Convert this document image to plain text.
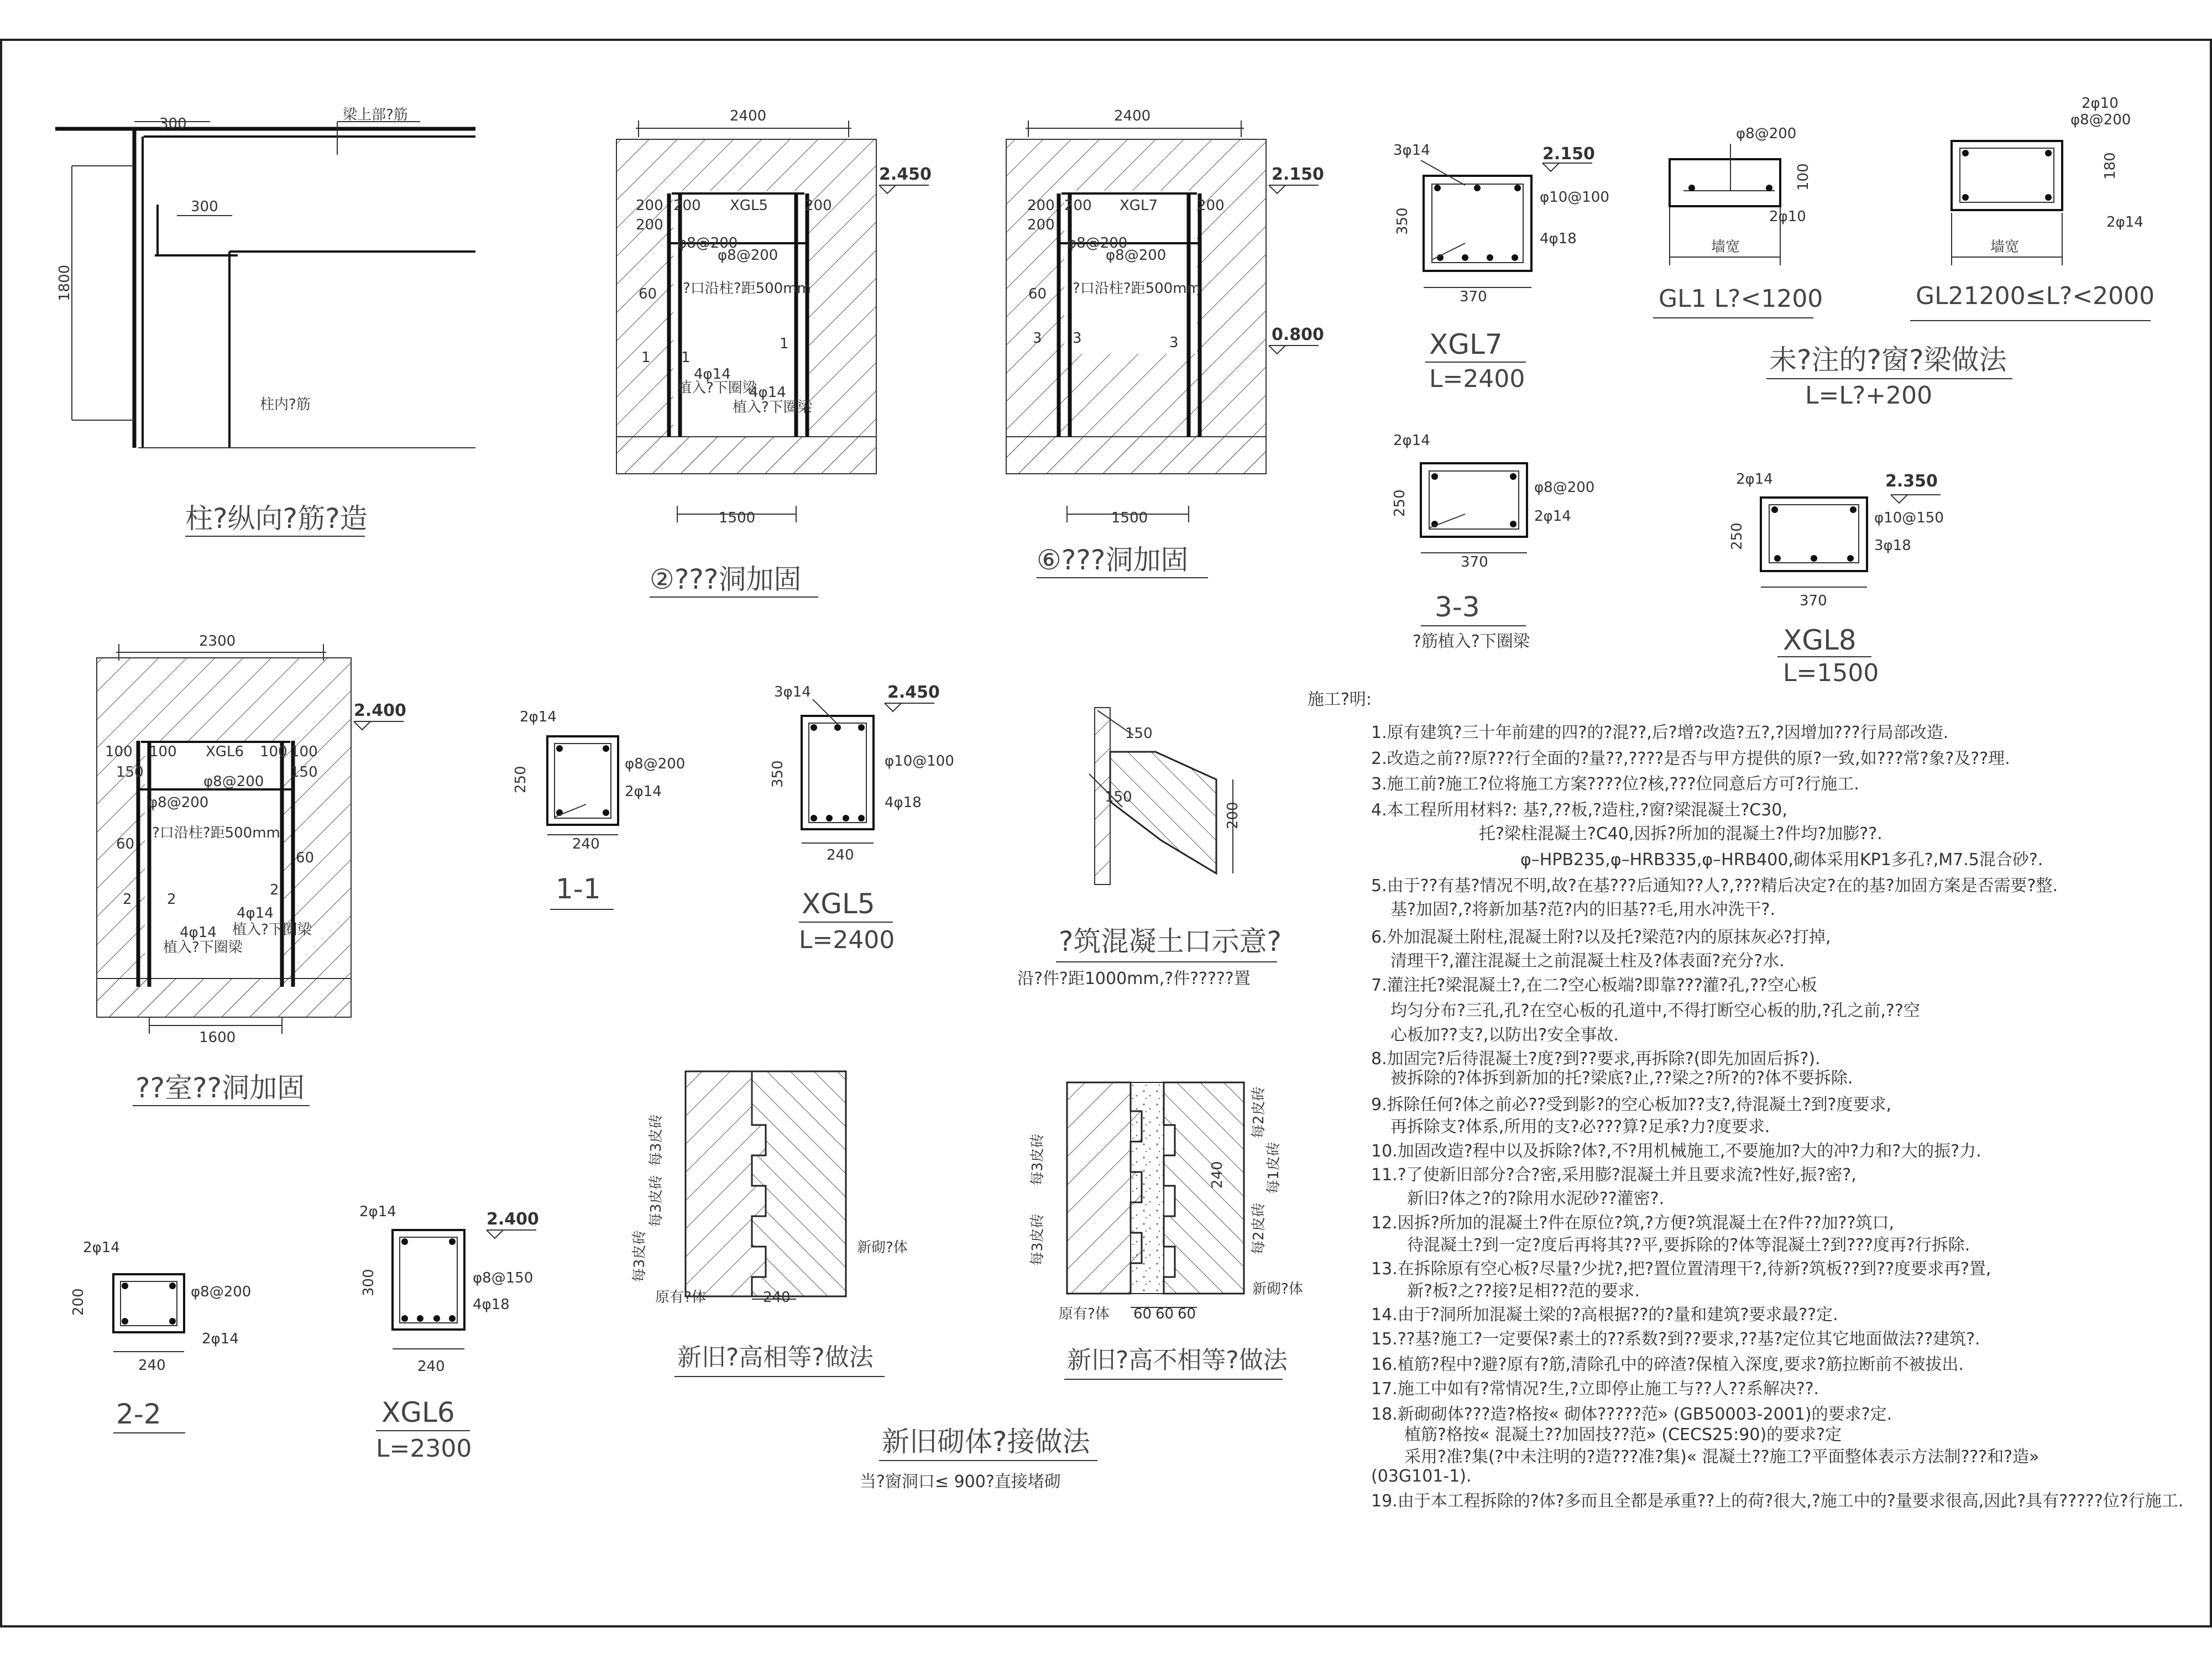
300
300
1800
梁上部?筋
柱内?筋
柱?纵向?筋?造
2400
XGL5
200 200	200
200
60
φ8@200
φ8@200
?口沿柱?距500mm
1 1
1
4φ14
植入?下圈梁
4φ14
植入?下圈梁
2.450
1500
②???洞加固
2400
XGL7
200 200	200
200
60
φ8@200
φ8@200
?口沿柱?距500mm
3 3	3
2.150
0.800
1500
⑥???洞加固
370
350
3φ14
φ10@100
4φ18
2.150
XGL7
L=2400
φ8@200
100
2φ10
墙宽
GL1 L?<1200
2φ10
φ8@200
180
2φ14
墙宽
GL21200≤L?<2000
未?注的?窗?梁做法
L=L?+200
2φ14
φ8@200
2φ14
250
370
3-3
?筋植入?下圈梁
2φ14
φ10@150
3φ18
250
2.350
370
XGL8
L=1500
2300
XGL6
100 100	100 100
150	150
60
60
φ8@200
φ8@200
?口沿柱?距500mm
2 2
2
4φ14
植入?下圈梁
4φ14
植入?下圈梁
2.400
1600
??室??洞加固
2φ14
φ8@200
2φ14
250
240
1-1
3φ14
φ10@100
4φ18
350
2.450
240
XGL5
L=2400
150
150
200
?筑混凝土口示意?
沿?件?距1000mm,?件?????置
2φ14
φ8@200
2φ14
200
240
2-2
2φ14
φ8@150
4φ18
300
2.400
240
XGL6
L=2300
每3皮砖
每3皮砖
每3皮砖
原有?体
新砌?体
240
新旧?高相等?做法
每3皮砖
每3皮砖
每2皮砖
每2皮砖
每1皮砖
240
原有?体
新砌?体
60 60 60
新旧?高不相等?做法
新旧砌体?接做法
当?窗洞口≤ 900?直接堵砌
施工?明:
1.原有建筑?三十年前建的四?的?混??,后?增?改造?五?,?因增加???行局部改造.
2.改造之前??原???行全面的?量??,????是否与甲方提供的原?一致,如???常?象?及??理.
3.施工前?施工?位将施工方案????位?核,???位同意后方可?行施工.
4.本工程所用材料?: 基?,??板,?造柱,?窗?梁混凝土?C30,
托?梁柱混凝土?C40,因拆?所加的混凝土?件均?加膨??.
φ–HPB235,φ–HRB335,φ–HRB400,砌体采用KP1多孔?,M7.5混合砂?.
5.由于??有基?情况不明,故?在基???后通知??人?,???精后决定?在的基?加固方案是否需要?整.
基?加固?,?将新加基?范?内的旧基??毛,用水冲洗干?.
6.外加混凝土附柱,混凝土附?以及托?梁范?内的原抹灰必?打掉,
清理干?,灌注混凝土之前混凝土柱及?体表面?充分?水.
7.灌注托?梁混凝土?,在二?空心板端?即靠???灌?孔,??空心板
均匀分布?三孔,孔?在空心板的孔道中,不得打断空心板的肋,?孔之前,??空
心板加??支?,以防出?安全事故.
8.加固完?后待混凝土?度?到??要求,再拆除?(即先加固后拆?).
被拆除的?体拆到新加的托?梁底?止,??梁之?所?的?体不要拆除.
9.拆除任何?体之前必??受到影?的空心板加??支?,待混凝土?到?度要求,
再拆除支?体系,所用的支?必???算?足承?力?度要求.
10.加固改造?程中以及拆除?体?,不?用机械施工,不要施加?大的冲?力和?大的振?力.
11.?了使新旧部分?合?密,采用膨?混凝土并且要求流?性好,振?密?,
新旧?体之?的?除用水泥砂??灌密?.
12.因拆?所加的混凝土?件在原位?筑,?方便?筑混凝土在?件??加??筑口,
待混凝土?到一定?度后再将其??平,要拆除的?体等混凝土?到???度再?行拆除.
13.在拆除原有空心板?尽量?少扰?,把?置位置清理干?,待新?筑板??到??度要求再?置,
新?板?之??接?足相??范的要求.
14.由于?洞所加混凝土梁的?高根据??的?量和建筑?要求最??定.
15.??基?施工?一定要保?素土的??系数?到??要求,??基?定位其它地面做法??建筑?.
16.植筋?程中?避?原有?筋,清除孔中的碎渣?保植入深度,要求?筋拉断前不被拔出.
17.施工中如有?常情况?生,?立即停止施工与??人??系解决??.
18.新砌砌体???造?格按« 砌体?????范» (GB50003-2001)的要求?定.
植筋?格按« 混凝土??加固技??范» (CECS25:90)的要求?定
采用?准?集(?中未注明的?造???准?集)« 混凝土??施工?平面整体表示方法制???和?造»
(03G101-1).
19.由于本工程拆除的?体?多而且全都是承重??上的荷?很大,?施工中的?量要求很高,因此?具有?????位?行施工.
